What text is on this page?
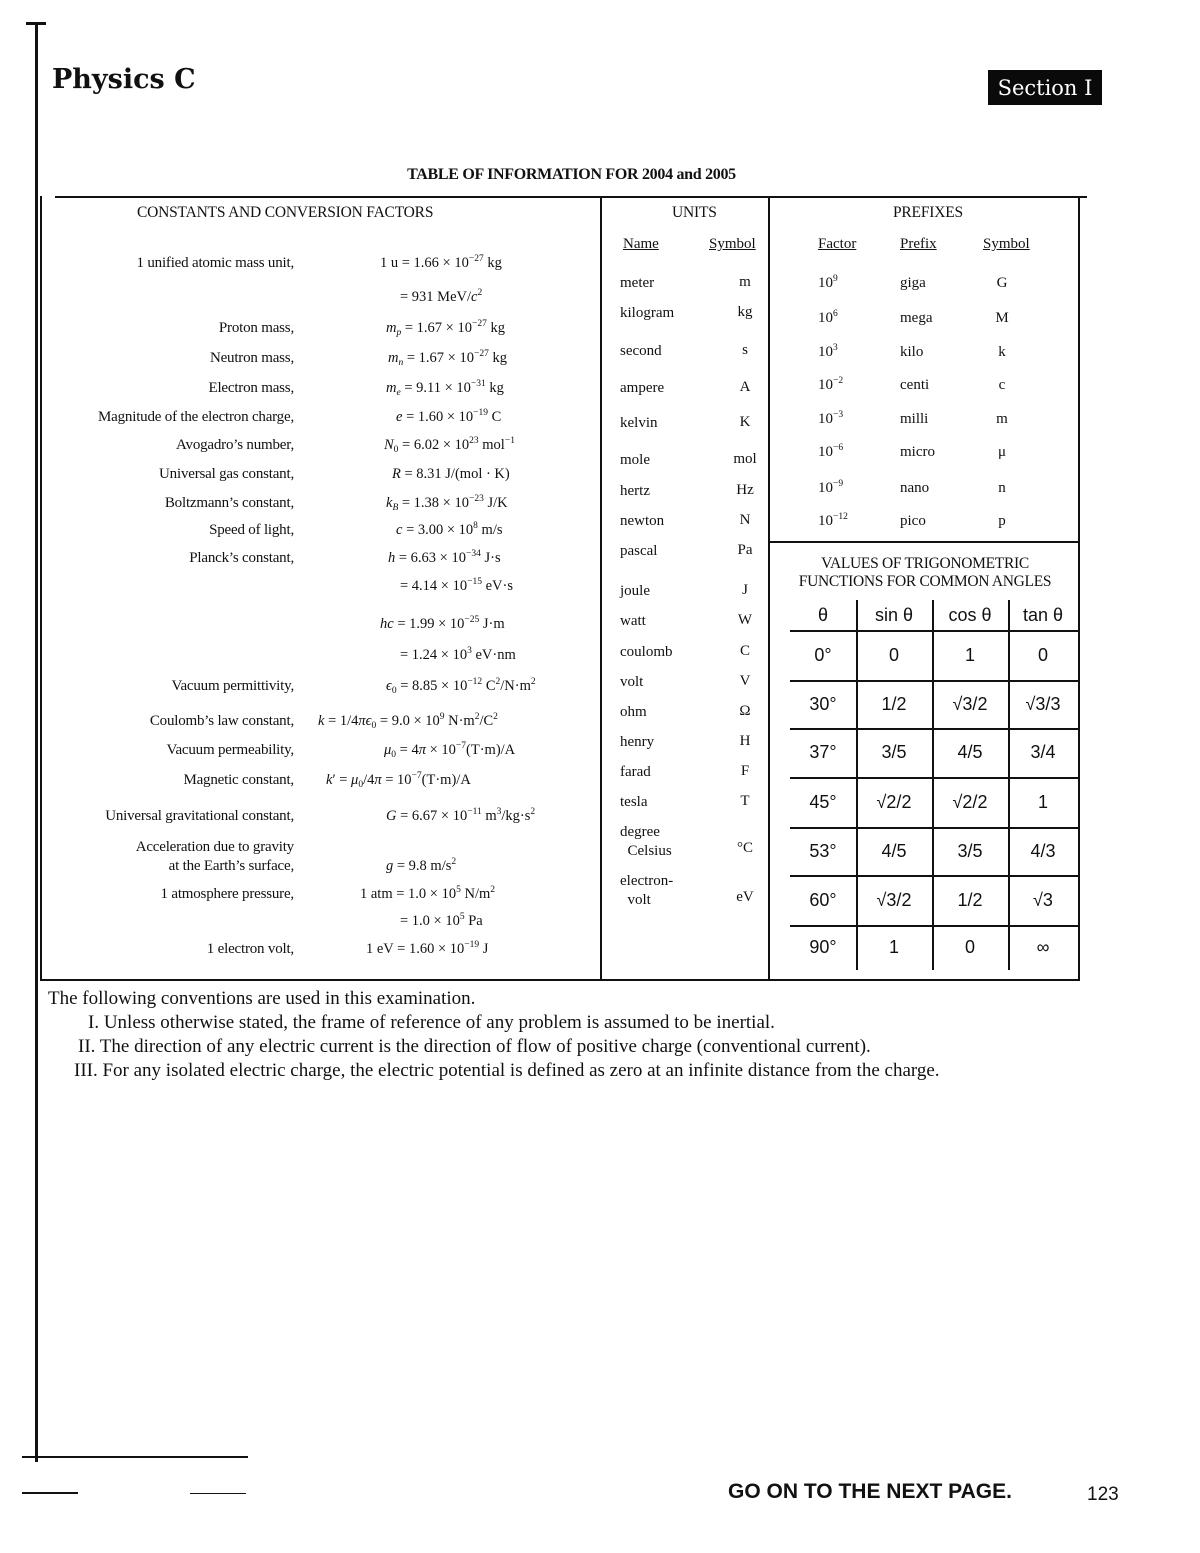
Physics C	Section I
TABLE OF INFORMATION FOR 2004 and 2005
CONSTANTS AND CONVERSION FACTORS
1 unified atomic mass unit,	1 $u = 1.66 \times 10^{-27}$ kg
= 931 MeV/$c^2$
Proton mass,	$m_p = 1.67 \times 10^{-27}$ kg
Neutron mass,	$m_n = 1.67 \times 10^{-27}$ kg
Electron mass,	$m_e = 9.11 \times 10^{-31}$ kg
Magnitude of the electron charge,	$e = 1.60 \times 10^{-19}$ C
Avogadro’s number,	$N_0 = 6.02 \times 10^{23}$ mol$^{-1}$
Universal gas constant,	R = 8.31 J/(mol · K)
Boltzmann’s constant,	$k_B = 1.38 \times 10^{-23}$ J/K
Speed of light,	$c = 3.00 \times 10^8$ m/s
Planck’s constant,	$h = 6.63 \times 10^{-34}$ J·s
= $4.14 \times 10^{-15}$ eV·s
hc = $1.99 \times 10^{-25}$ J·m
= $1.24 \times 10^3$ eV·nm
Vacuum permittivity,	$\epsilon_0 = 8.85 \times 10^{-12}$ $C^2/N\cdot m^2$
Coulomb’s law constant, $k = 1/4\pi\epsilon_0 = 9.0 \times 10^9$ $N\cdot m^2/C^2$
Vacuum permeability,	$\mu_0 = 4\pi \times 10^{-7}(T\cdot m)/A$
Magnetic constant, $k' = \mu_0/4\pi = 10^{-7}(T\cdot m)/A$
Universal gravitational constant,	$G = 6.67 \times 10^{-11}$ $m^3/kg\cdot s^2$
Acceleration due to gravity
at the Earth’s surface,	g = 9.8 $m/s^2$
1 atmosphere pressure,	1 atm = $1.0 \times 10^5$ $N/m^2$
= $1.0 \times 10^5$ Pa
1 electron volt,	1 eV = $1.60 \times 10^{-19}$ J
UNITS
Name	Symbol
meter	m
kilogram	kg
second	s
ampere	A
kelvin	K
mole	mol
hertz	Hz
newton	N
pascal	Pa
joule	J
watt	W
coulomb	C
volt	V
ohm	Ω
henry	H
farad	F
tesla	T
degree
Celsius	°C
electron-
volt	eV
PREFIXES
Factor	Prefix	Symbol
$10^9$	giga	G
$10^6$	mega	M
$10^3$	kilo	k
$10^{-2}$	centi	c
$10^{-3}$	milli	m
$10^{-6}$	micro	μ
$10^{-9}$	nano	n
$10^{-12}$	pico	p
VALUES OF TRIGONOMETRIC
FUNCTIONS FOR COMMON ANGLES
θ	sin θ	cos θ	tan θ
0°	0	1	0
30°	1/2	√3/2	√3/3
37°	3/5	4/5	3/4
45°	√2/2	√2/2	1
53°	4/5	3/5	4/3
60°	√3/2	1/2	√3
90°	1	0	∞
The following conventions are used in this examination.
I. Unless otherwise stated, the frame of reference of any problem is assumed to be inertial.
II. The direction of any electric current is the direction of flow of positive charge (conventional current).
III. For any isolated electric charge, the electric potential is defined as zero at an infinite distance from the charge.
GO ON TO THE NEXT PAGE.	123
